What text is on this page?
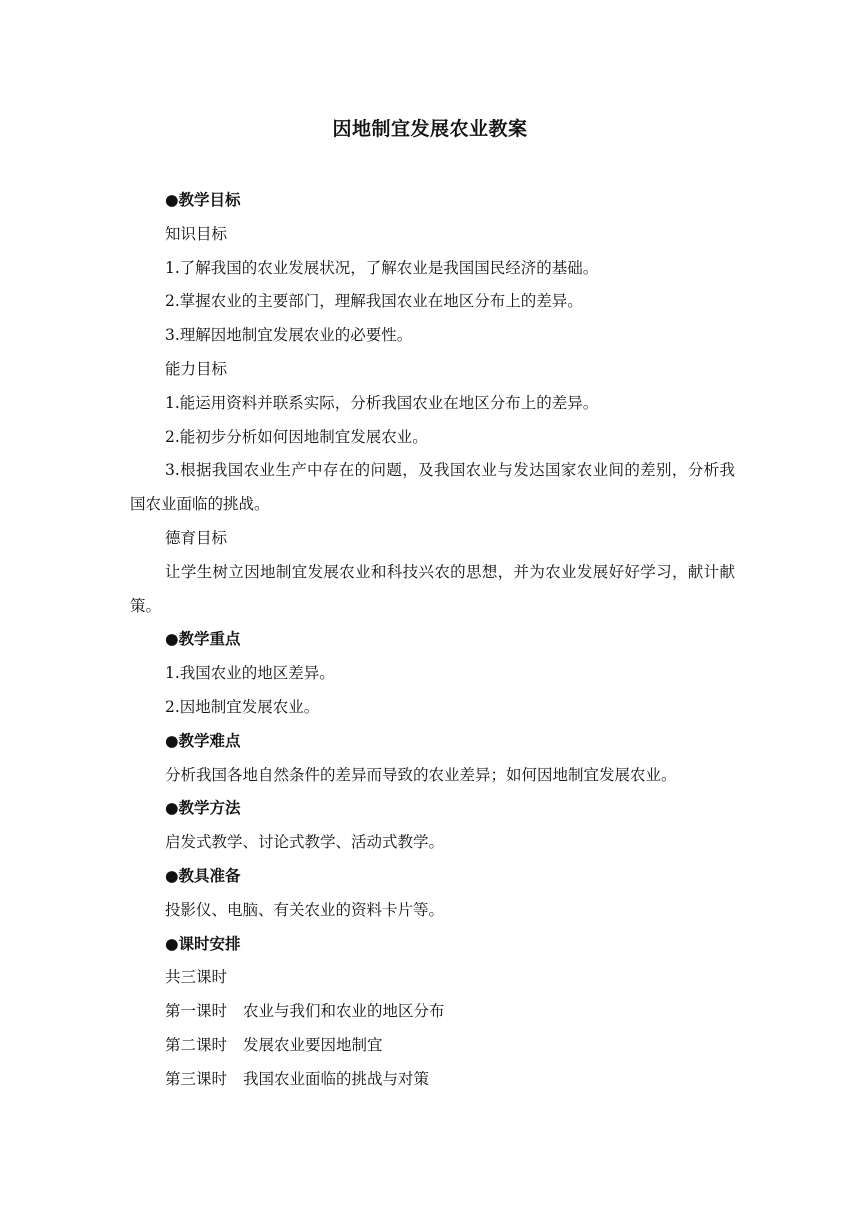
因地制宜发展农业教案
●教学目标
知识目标
1.了解我国的农业发展状况，了解农业是我国国民经济的基础。
2.掌握农业的主要部门，理解我国农业在地区分布上的差异。
3.理解因地制宜发展农业的必要性。
能力目标
1.能运用资料并联系实际，分析我国农业在地区分布上的差异。
2.能初步分析如何因地制宜发展农业。
3.根据我国农业生产中存在的问题，及我国农业与发达国家农业间的差别，分析我国农业面临的挑战。
德育目标
让学生树立因地制宜发展农业和科技兴农的思想，并为农业发展好好学习，献计献策。
●教学重点
1.我国农业的地区差异。
2.因地制宜发展农业。
●教学难点
分析我国各地自然条件的差异而导致的农业差异；如何因地制宜发展农业。
●教学方法
启发式教学、讨论式教学、活动式教学。
●教具准备
投影仪、电脑、有关农业的资料卡片等。
●课时安排
共三课时
第一课时 农业与我们和农业的地区分布
第二课时 发展农业要因地制宜
第三课时 我国农业面临的挑战与对策
